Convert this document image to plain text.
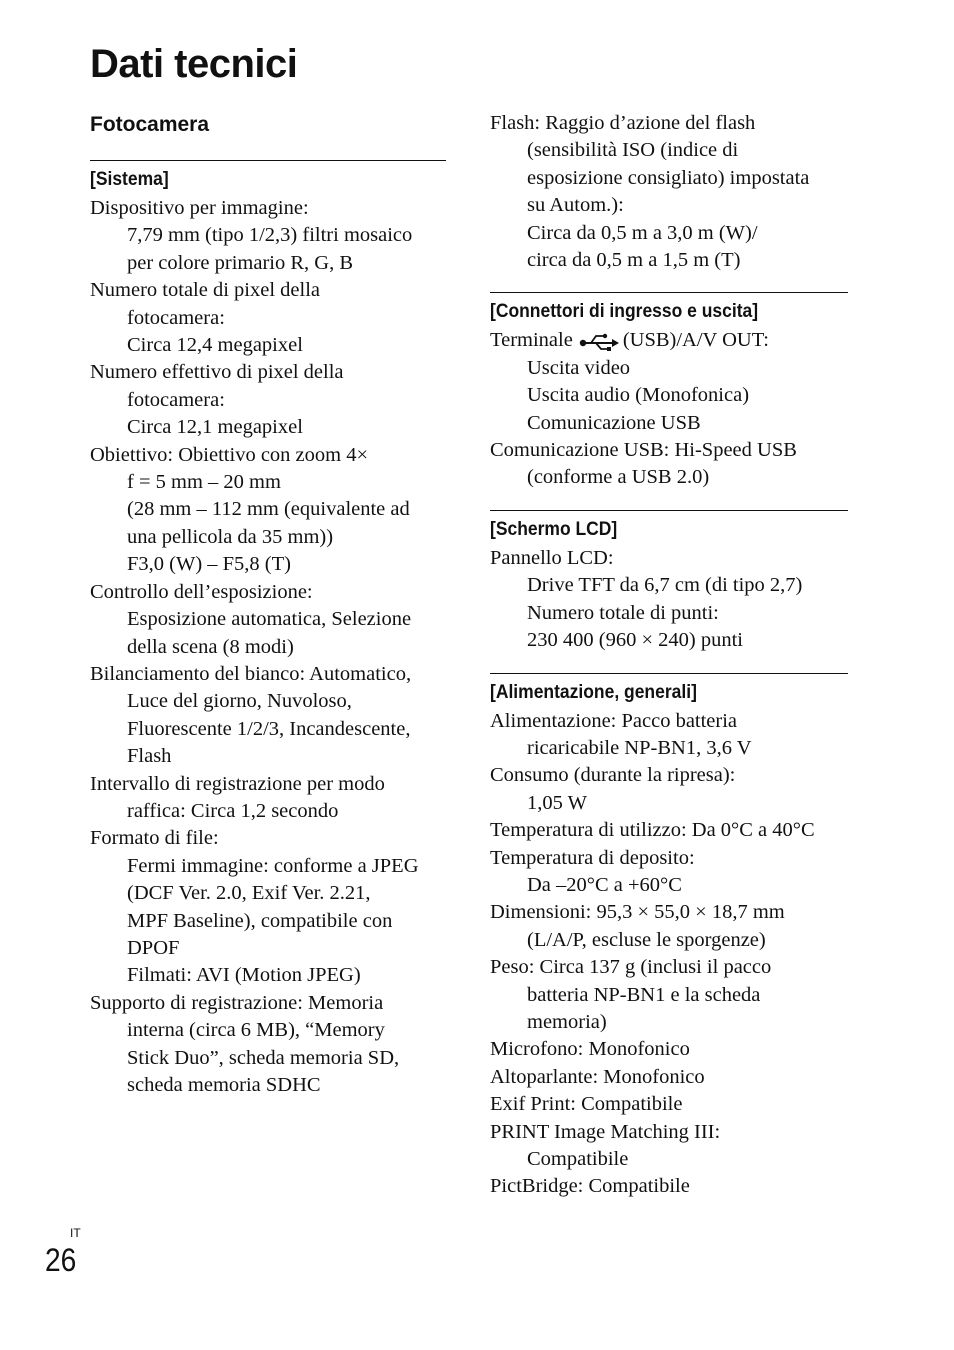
Dati tecnici
Fotocamera
[Sistema]
Dispositivo per immagine:
7,79 mm (tipo 1/2,3) filtri mosaico
per colore primario R, G, B
Numero totale di pixel della
fotocamera:
Circa 12,4 megapixel
Numero effettivo di pixel della
fotocamera:
Circa 12,1 megapixel
Obiettivo: Obiettivo con zoom 4×
f = 5 mm – 20 mm
(28 mm – 112 mm (equivalente ad
una pellicola da 35 mm))
F3,0 (W) – F5,8 (T)
Controllo dell’esposizione:
Esposizione automatica, Selezione
della scena (8 modi)
Bilanciamento del bianco: Automatico,
Luce del giorno, Nuvoloso,
Fluorescente 1/2/3, Incandescente,
Flash
Intervallo di registrazione per modo
raffica: Circa 1,2 secondo
Formato di file:
Fermi immagine: conforme a JPEG
(DCF Ver. 2.0, Exif Ver. 2.21,
MPF Baseline), compatibile con
DPOF
Filmati: AVI (Motion JPEG)
Supporto di registrazione: Memoria
interna (circa 6 MB), “Memory
Stick Duo”, scheda memoria SD,
scheda memoria SDHC
Flash: Raggio d’azione del flash
(sensibilità ISO (indice di
esposizione consigliato) impostata
su Autom.):
Circa da 0,5 m a 3,0 m (W)/
circa da 0,5 m a 1,5 m (T)
[Connettori di ingresso e uscita]
Terminale (USB)/A/V OUT:
Uscita video
Uscita audio (Monofonica)
Comunicazione USB
Comunicazione USB: Hi-Speed USB
(conforme a USB 2.0)
[Schermo LCD]
Pannello LCD:
Drive TFT da 6,7 cm (di tipo 2,7)
Numero totale di punti:
230 400 (960 × 240) punti
[Alimentazione, generali]
Alimentazione: Pacco batteria
ricaricabile NP-BN1, 3,6 V
Consumo (durante la ripresa):
1,05 W
Temperatura di utilizzo: Da 0°C a 40°C
Temperatura di deposito:
Da –20°C a +60°C
Dimensioni: 95,3 × 55,0 × 18,7 mm
(L/A/P, escluse le sporgenze)
Peso: Circa 137 g (inclusi il pacco
batteria NP-BN1 e la scheda
memoria)
Microfono: Monofonico
Altoparlante: Monofonico
Exif Print: Compatibile
PRINT Image Matching III:
Compatibile
PictBridge: Compatibile
IT
26
